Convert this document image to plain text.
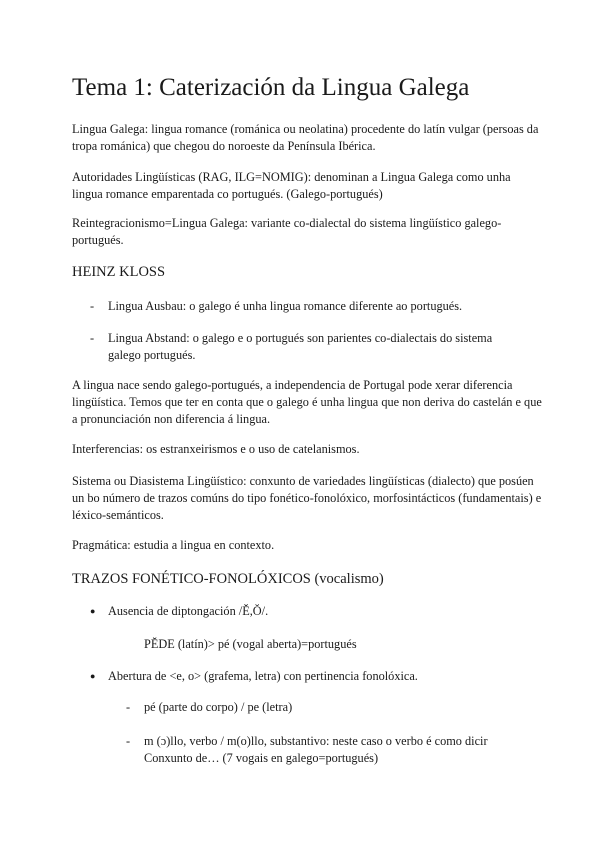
Tema 1: Caterización da Lingua Galega

Lingua Galega: lingua romance (románica ou neolatina) procedente do latín vulgar (persoas da tropa románica) que chegou do noroeste da Península Ibérica.

Autoridades Lingüísticas (RAG, ILG=NOMIG): denominan a Lingua Galega como unha lingua romance emparentada co portugués. (Galego-portugués)

Reintegracionismo=Lingua Galega: variante co-dialectal do sistema lingüístico galego-portugués.

HEINZ KLOSS
-	Lingua Ausbau: o galego é unha lingua romance diferente ao portugués.
-	Lingua Abstand: o galego e o portugués son parientes co-dialectais do sistema galego portugués.

A lingua nace sendo galego-portugués, a independencia de Portugal pode xerar diferencia lingüística. Temos que ter en conta que o galego é unha lingua que non deriva do castelán e que a pronunciación non diferencia á lingua.

Interferencias: os estranxeirismos e o uso de catelanismos.

Sistema ou Diasistema Lingüístico: conxunto de variedades lingüísticas (dialecto) que posúen un bo número de trazos comúns do tipo fonético-fonolóxico, morfosintácticos (fundamentais) e léxico-semánticos.

Pragmática: estudia a lingua en contexto.

TRAZOS FONÉTICO-FONOLÓXICOS (vocalismo)
● Ausencia de diptongación /Ě,Ŏ/.
PĔDE (latín)> pé (vogal aberta)=portugués
● Abertura de <e, o> (grafema, letra) con pertinencia fonolóxica.
- pé (parte do corpo) / pe (letra)
- m (ɔ)llo, verbo / m(o)llo, substantivo: neste caso o verbo é como dicir Conxunto de… (7 vogais en galego=portugués)
